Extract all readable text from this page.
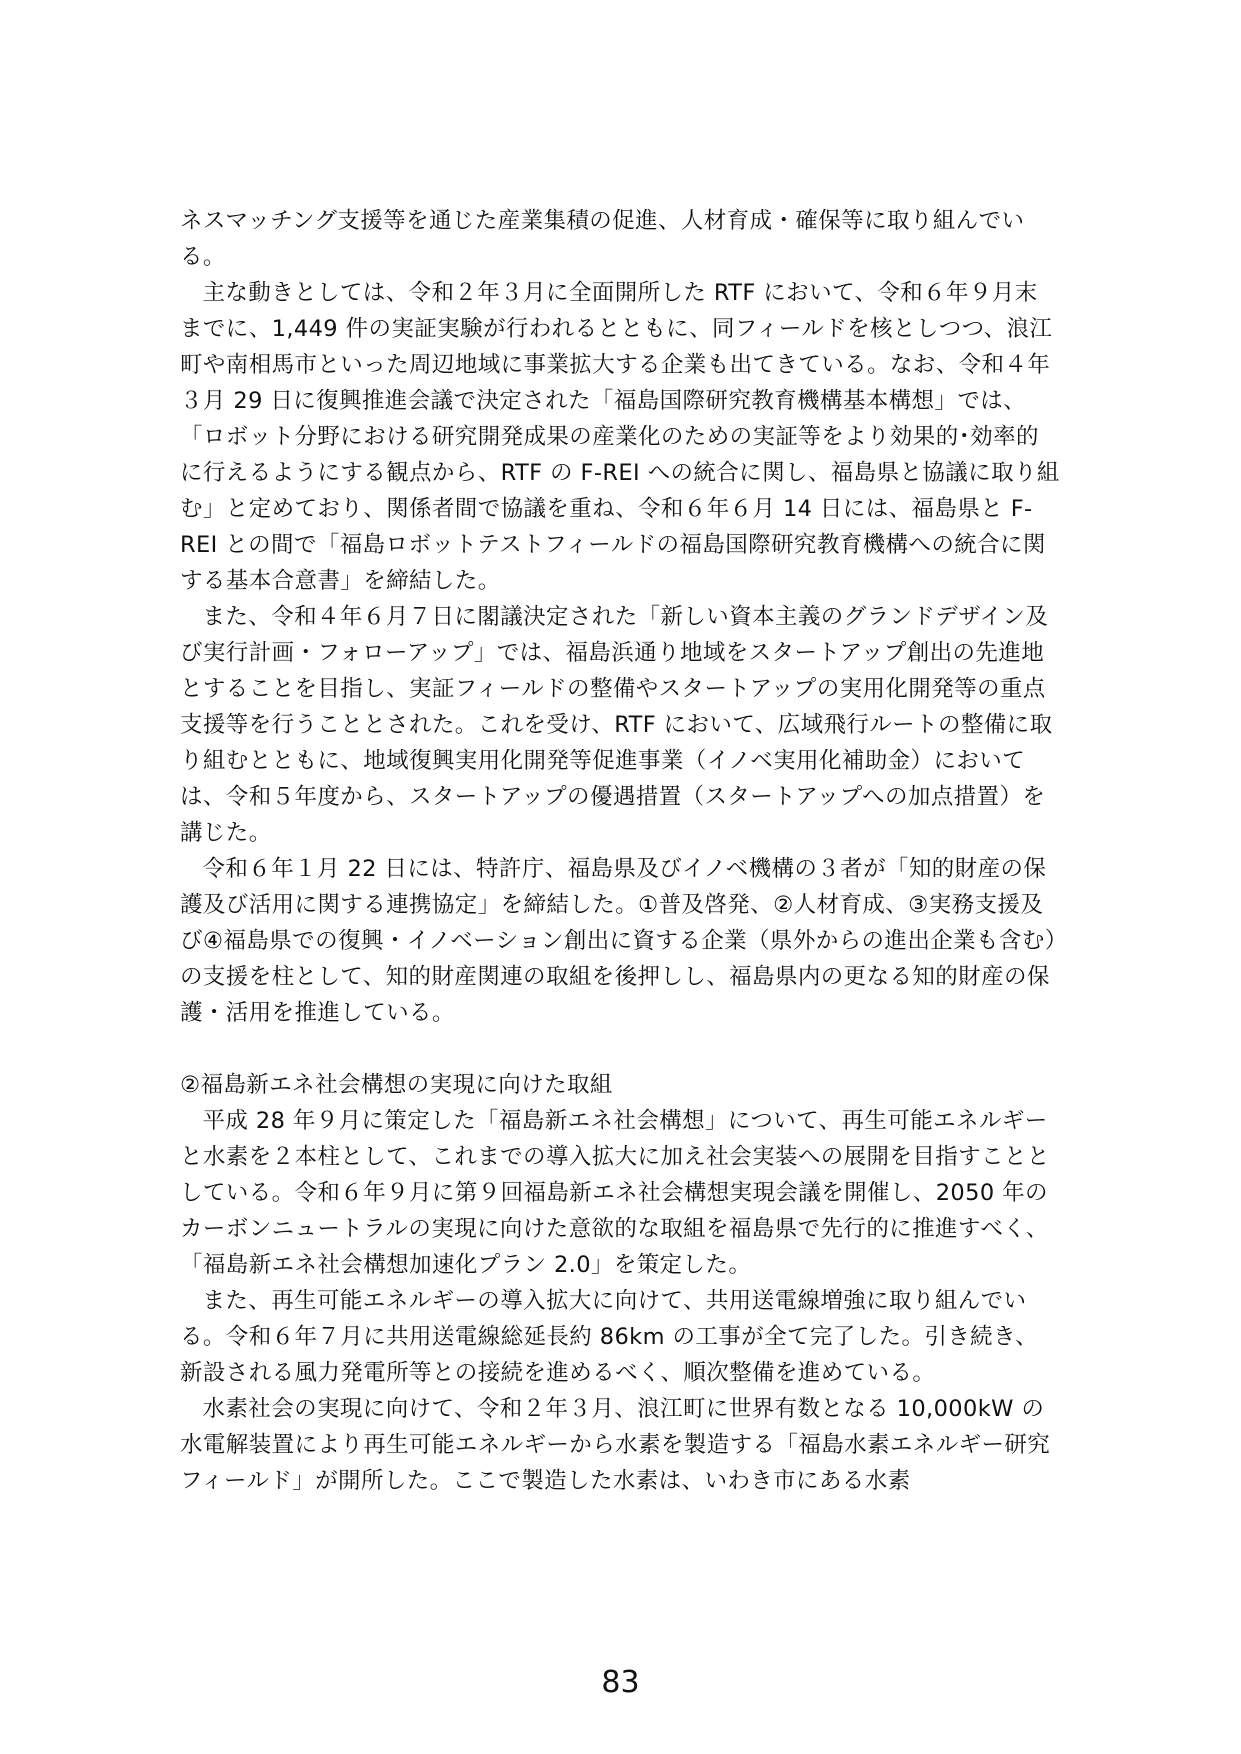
ネスマッチング支援等を通じた産業集積の促進、人材育成・確保等に取り組んでいる。

主な動きとしては、令和２年３月に全面開所した RTF において、令和６年９月末までに、1,449 件の実証実験が行われるとともに、同フィールドを核としつつ、浪江町や南相馬市といった周辺地域に事業拡大する企業も出てきている。なお、令和４年３月 29 日に復興推進会議で決定された「福島国際研究教育機構基本構想」では、「ロボット分野における研究開発成果の産業化のための実証等をより効果的･効率的に行えるようにする観点から、RTF の F-REI への統合に関し、福島県と協議に取り組む」と定めており、関係者間で協議を重ね、令和６年６月 14 日には、福島県と F-REI との間で「福島ロボットテストフィールドの福島国際研究教育機構への統合に関する基本合意書」を締結した。

また、令和４年６月７日に閣議決定された「新しい資本主義のグランドデザイン及び実行計画・フォローアップ」では、福島浜通り地域をスタートアップ創出の先進地とすることを目指し、実証フィールドの整備やスタートアップの実用化開発等の重点支援等を行うこととされた。これを受け、RTF において、広域飛行ルートの整備に取り組むとともに、地域復興実用化開発等促進事業（イノベ実用化補助金）においては、令和５年度から、スタートアップの優遇措置（スタートアップへの加点措置）を講じた。

令和６年１月 22 日には、特許庁、福島県及びイノベ機構の３者が「知的財産の保護及び活用に関する連携協定」を締結した。①普及啓発、②人材育成、③実務支援及び④福島県での復興・イノベーション創出に資する企業（県外からの進出企業も含む）の支援を柱として、知的財産関連の取組を後押しし、福島県内の更なる知的財産の保護・活用を推進している。

②福島新エネ社会構想の実現に向けた取組

平成 28 年９月に策定した「福島新エネ社会構想」について、再生可能エネルギーと水素を２本柱として、これまでの導入拡大に加え社会実装への展開を目指すこととしている。令和６年９月に第９回福島新エネ社会構想実現会議を開催し、2050 年のカーボンニュートラルの実現に向けた意欲的な取組を福島県で先行的に推進すべく、「福島新エネ社会構想加速化プラン 2.0」を策定した。

また、再生可能エネルギーの導入拡大に向けて、共用送電線増強に取り組んでいる。令和６年７月に共用送電線総延長約 86km の工事が全て完了した。引き続き、新設される風力発電所等との接続を進めるべく、順次整備を進めている。

水素社会の実現に向けて、令和２年３月、浪江町に世界有数となる 10,000kW の水電解装置により再生可能エネルギーから水素を製造する「福島水素エネルギー研究フィールド」が開所した。ここで製造した水素は、いわき市にある水素

83
